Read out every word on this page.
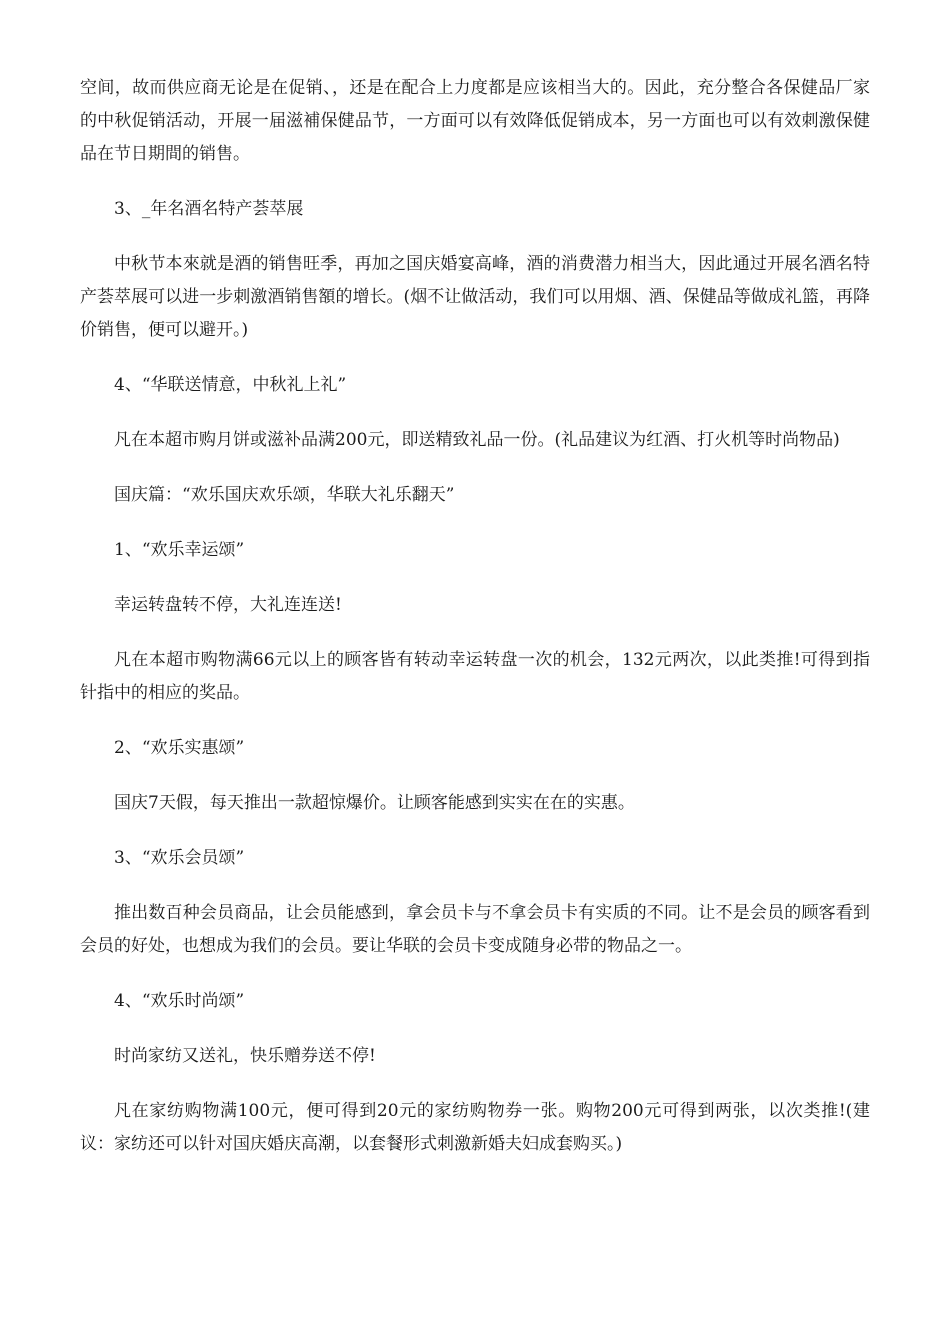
空间，故而供应商无论是在促销、，还是在配合上力度都是应该相当大的。因此，充分整合各保健品厂家的中秋促销活动，开展一届滋補保健品节，一方面可以有效降低促销成本，另一方面也可以有效刺激保健品在节日期間的销售。

3、_年名酒名特产荟萃展

中秋节本來就是酒的销售旺季，再加之国庆婚宴高峰，酒的消费潜力相当大，因此通过开展名酒名特产荟萃展可以进一步刺激酒销售額的增长。(烟不让做活动，我们可以用烟、酒、保健品等做成礼篮，再降价销售，便可以避开。)

4、“华联送情意，中秋礼上礼”

凡在本超市购月饼或滋补品满200元，即送精致礼品一份。(礼品建议为红酒、打火机等时尚物品)

国庆篇：“欢乐国庆欢乐颂，华联大礼乐翻天”

1、“欢乐幸运颂”

幸运转盘转不停，大礼连连送!

凡在本超市购物满66元以上的顾客皆有转动幸运转盘一次的机会，132元两次，以此类推!可得到指针指中的相应的奖品。

2、“欢乐实惠颂”

国庆7天假，每天推出一款超惊爆价。让顾客能感到实实在在的实惠。

3、“欢乐会员颂”

推出数百种会员商品，让会员能感到，拿会员卡与不拿会员卡有实质的不同。让不是会员的顾客看到会员的好处，也想成为我们的会员。要让华联的会员卡变成随身必带的物品之一。

4、“欢乐时尚颂”

时尚家纺又送礼，快乐赠券送不停!

凡在家纺购物满100元，便可得到20元的家纺购物券一张。购物200元可得到两张，以次类推!(建议：家纺还可以针对国庆婚庆高潮，以套餐形式刺激新婚夫妇成套购买。)
